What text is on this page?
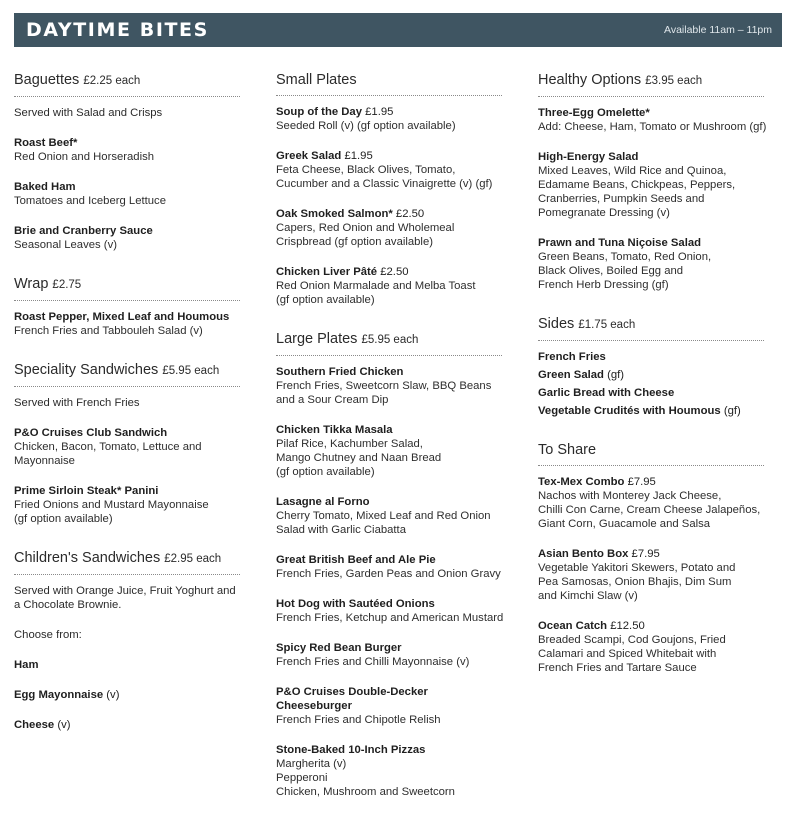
DAYTIME BITES	Available 11am – 11pm
Baguettes £2.25 each
Served with Salad and Crisps
Roast Beef*
Red Onion and Horseradish
Baked Ham
Tomatoes and Iceberg Lettuce
Brie and Cranberry Sauce
Seasonal Leaves (v)
Wrap £2.75
Roast Pepper, Mixed Leaf and Houmous
French Fries and Tabbouleh Salad (v)
Speciality Sandwiches £5.95 each
Served with French Fries
P&O Cruises Club Sandwich
Chicken, Bacon, Tomato, Lettuce and
Mayonnaise
Prime Sirloin Steak* Panini
Fried Onions and Mustard Mayonnaise
(gf option available)
Children's Sandwiches £2.95 each
Served with Orange Juice, Fruit Yoghurt and
a Chocolate Brownie.
Choose from:
Ham
Egg Mayonnaise (v)
Cheese (v)
Small Plates
Soup of the Day £1.95
Seeded Roll (v) (gf option available)
Greek Salad £1.95
Feta Cheese, Black Olives, Tomato,
Cucumber and a Classic Vinaigrette (v) (gf)
Oak Smoked Salmon* £2.50
Capers, Red Onion and Wholemeal
Crispbread (gf option available)
Chicken Liver Pâté £2.50
Red Onion Marmalade and Melba Toast
(gf option available)
Large Plates £5.95 each
Southern Fried Chicken
French Fries, Sweetcorn Slaw, BBQ Beans
and a Sour Cream Dip
Chicken Tikka Masala
Pilaf Rice, Kachumber Salad,
Mango Chutney and Naan Bread
(gf option available)
Lasagne al Forno
Cherry Tomato, Mixed Leaf and Red Onion
Salad with Garlic Ciabatta
Great British Beef and Ale Pie
French Fries, Garden Peas and Onion Gravy
Hot Dog with Sautéed Onions
French Fries, Ketchup and American Mustard
Spicy Red Bean Burger
French Fries and Chilli Mayonnaise (v)
P&O Cruises Double-Decker
Cheeseburger
French Fries and Chipotle Relish
Stone-Baked 10-Inch Pizzas
Margherita (v)
Pepperoni
Chicken, Mushroom and Sweetcorn
Healthy Options £3.95 each
Three-Egg Omelette*
Add: Cheese, Ham, Tomato or Mushroom (gf)
High-Energy Salad
Mixed Leaves, Wild Rice and Quinoa,
Edamame Beans, Chickpeas, Peppers,
Cranberries, Pumpkin Seeds and
Pomegranate Dressing (v)
Prawn and Tuna Niçoise Salad
Green Beans, Tomato, Red Onion,
Black Olives, Boiled Egg and
French Herb Dressing (gf)
Sides £1.75 each
French Fries
Green Salad (gf)
Garlic Bread with Cheese
Vegetable Crudités with Houmous (gf)
To Share
Tex-Mex Combo £7.95
Nachos with Monterey Jack Cheese,
Chilli Con Carne, Cream Cheese Jalapeños,
Giant Corn, Guacamole and Salsa
Asian Bento Box £7.95
Vegetable Yakitori Skewers, Potato and
Pea Samosas, Onion Bhajis, Dim Sum
and Kimchi Slaw (v)
Ocean Catch £12.50
Breaded Scampi, Cod Goujons, Fried
Calamari and Spiced Whitebait with
French Fries and Tartare Sauce
